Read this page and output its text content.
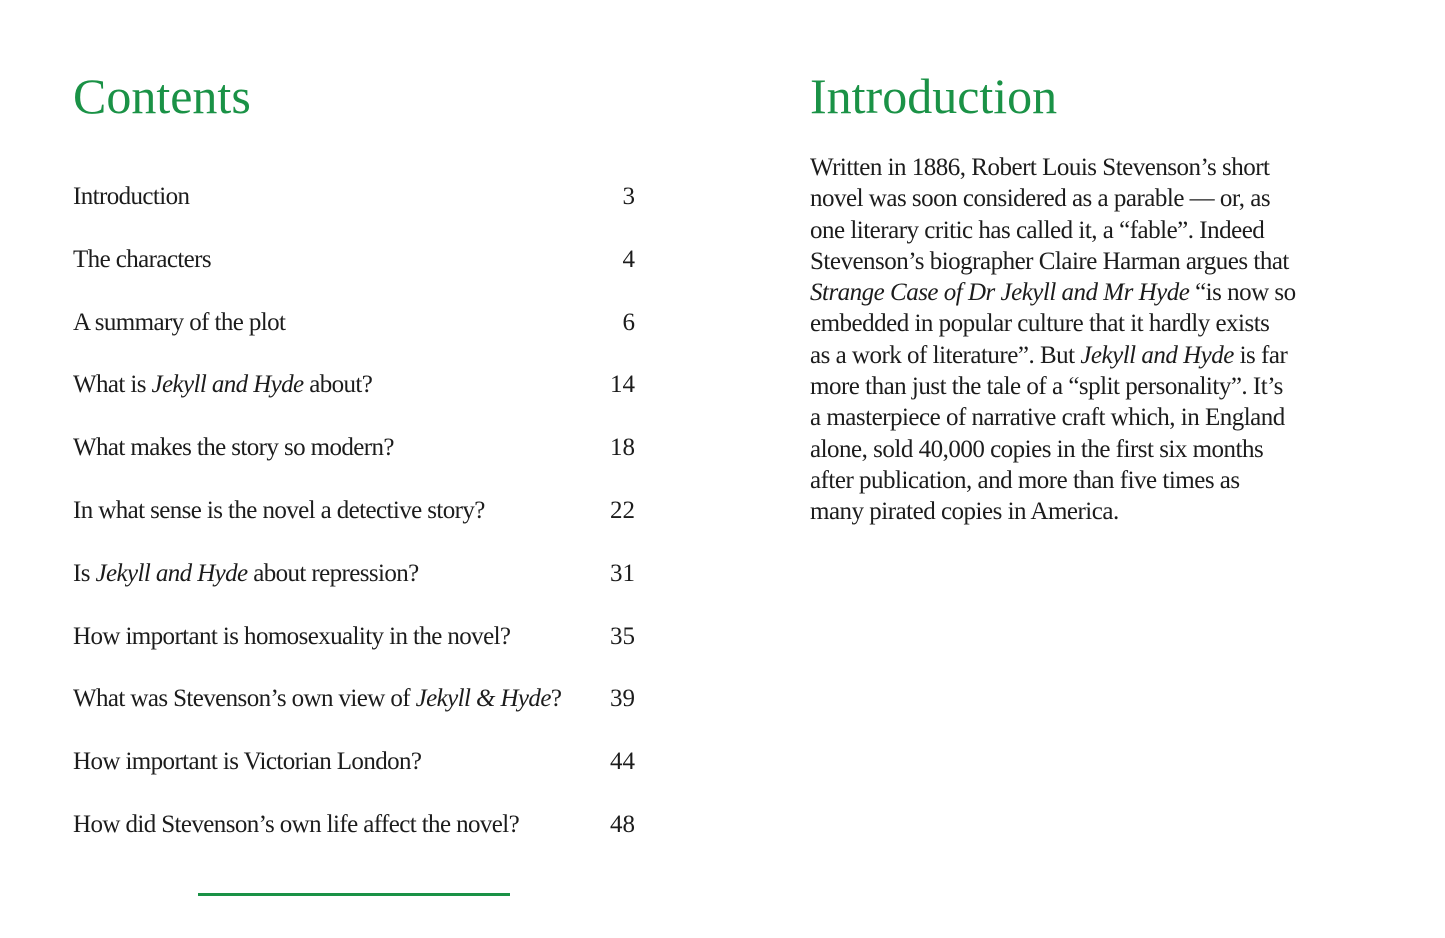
Contents
Introduction	3
The characters	4
A summary of the plot	6
What is Jekyll and Hyde about?	14
What makes the story so modern?	18
In what sense is the novel a detective story?	22
Is Jekyll and Hyde about repression?	31
How important is homosexuality in the novel?	35
What was Stevenson’s own view of Jekyll & Hyde? 39
How important is Victorian London?	44
How did Stevenson’s own life affect the novel?	48
Introduction

Written in 1886, Robert Louis Stevenson’s short
novel was soon considered as a parable — or, as
one literary critic has called it, a “fable”. Indeed
Stevenson’s biographer Claire Harman argues that
Strange Case of Dr Jekyll and Mr Hyde “is now so
embedded in popular culture that it hardly exists
as a work of literature”. But Jekyll and Hyde is far
more than just the tale of a “split personality”. It’s
a masterpiece of narrative craft which, in England
alone, sold 40,000 copies in the first six months
after publication, and more than five times as
many pirated copies in America.
